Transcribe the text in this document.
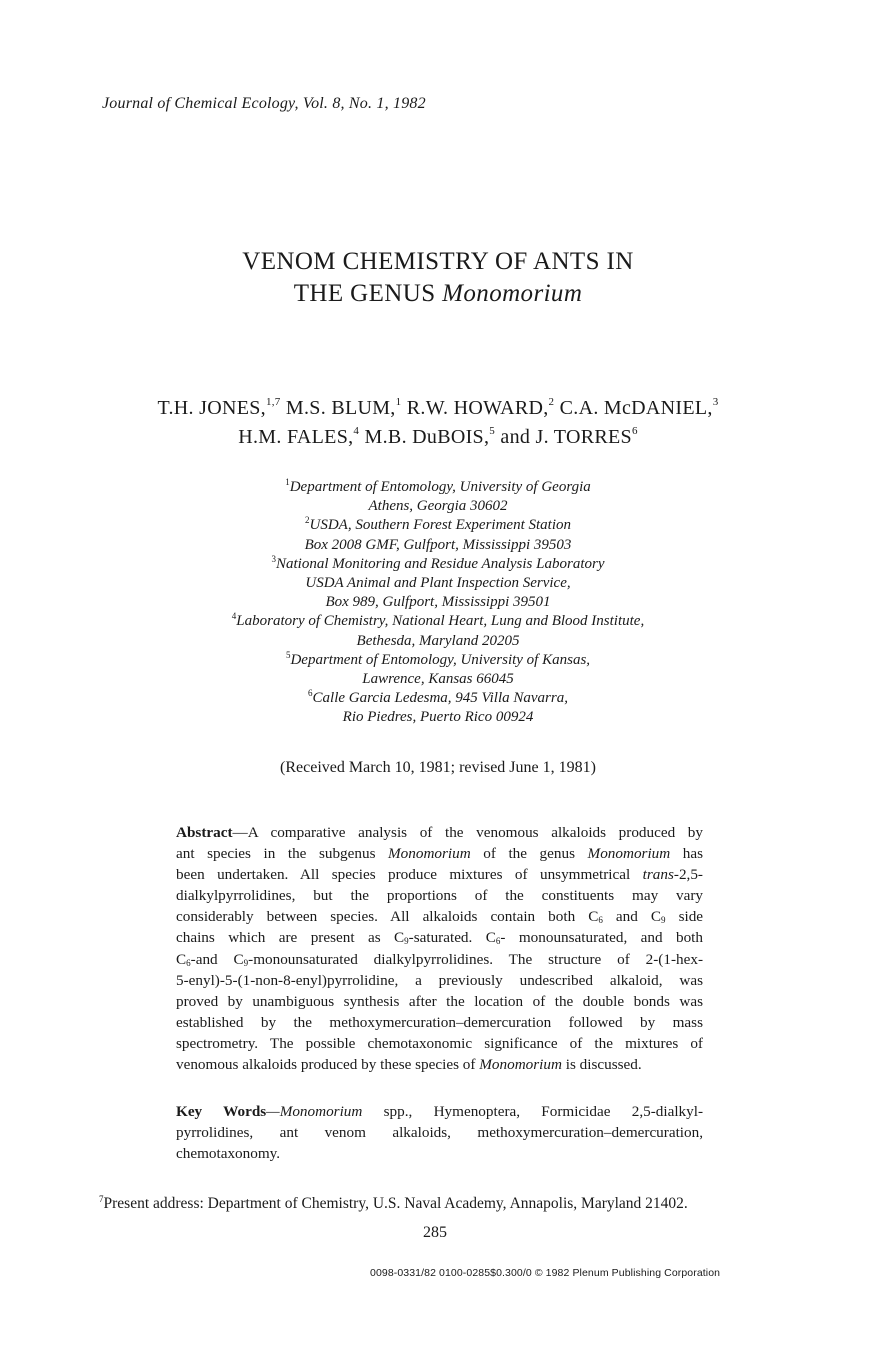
Journal of Chemical Ecology, Vol. 8, No. 1, 1982
VENOM CHEMISTRY OF ANTS IN
THE GENUS Monomorium
T.H. JONES,$^{1,7}$ M.S. BLUM,$^1$ R.W. HOWARD,$^2$ C.A. McDANIEL,$^3$
H.M. FALES,$^4$ M.B. DuBOIS,$^5$ and J. TORRES$^6$
$^1$Department of Entomology, University of Georgia
Athens, Georgia 30602
$^2$USDA, Southern Forest Experiment Station
Box 2008 GMF, Gulfport, Mississippi 39503
$^3$National Monitoring and Residue Analysis Laboratory
USDA Animal and Plant Inspection Service,
Box 989, Gulfport, Mississippi 39501
$^4$Laboratory of Chemistry, National Heart, Lung and Blood Institute,
Bethesda, Maryland 20205
$^5$Department of Entomology, University of Kansas,
Lawrence, Kansas 66045
$^6$Calle Garcia Ledesma, 945 Villa Navarra,
Rio Piedres, Puerto Rico 00924
(Received March 10, 1981; revised June 1, 1981)
Abstract—A comparative analysis of the venomous alkaloids produced by
ant species in the subgenus Monomorium of the genus Monomorium has
been undertaken. All species produce mixtures of unsymmetrical trans-2,5-
dialkylpyrrolidines, but the proportions of the constituents may vary
considerably between species. All alkaloids contain both $C_6$ and $C_9$ side
chains which are present as $C_9$-saturated. $C_6-$ monounsaturated, and both
$C_6$-and $C_9$-monounsaturated dialkylpyrrolidines. The structure of 2-(1-hex-
5-enyl)-5-(1-non-8-enyl)pyrrolidine, a previously undescribed alkaloid, was
proved by unambiguous synthesis after the location of the double bonds was
established by the methoxymercuration–demercuration followed by mass
spectrometry. The possible chemotaxonomic significance of the mixtures of
venomous alkaloids produced by these species of Monomorium is discussed.
Key Words—Monomorium spp., Hymenoptera, Formicidae 2,5-dialkyl-
pyrrolidines, ant venom alkaloids, methoxymercuration–demercuration,
chemotaxonomy.
$^7$Present address: Department of Chemistry, U.S. Naval Academy, Annapolis, Maryland 21402.
285
0098-0331/82 0100-0285$0.300/0 © 1982 Plenum Publishing Corporation
